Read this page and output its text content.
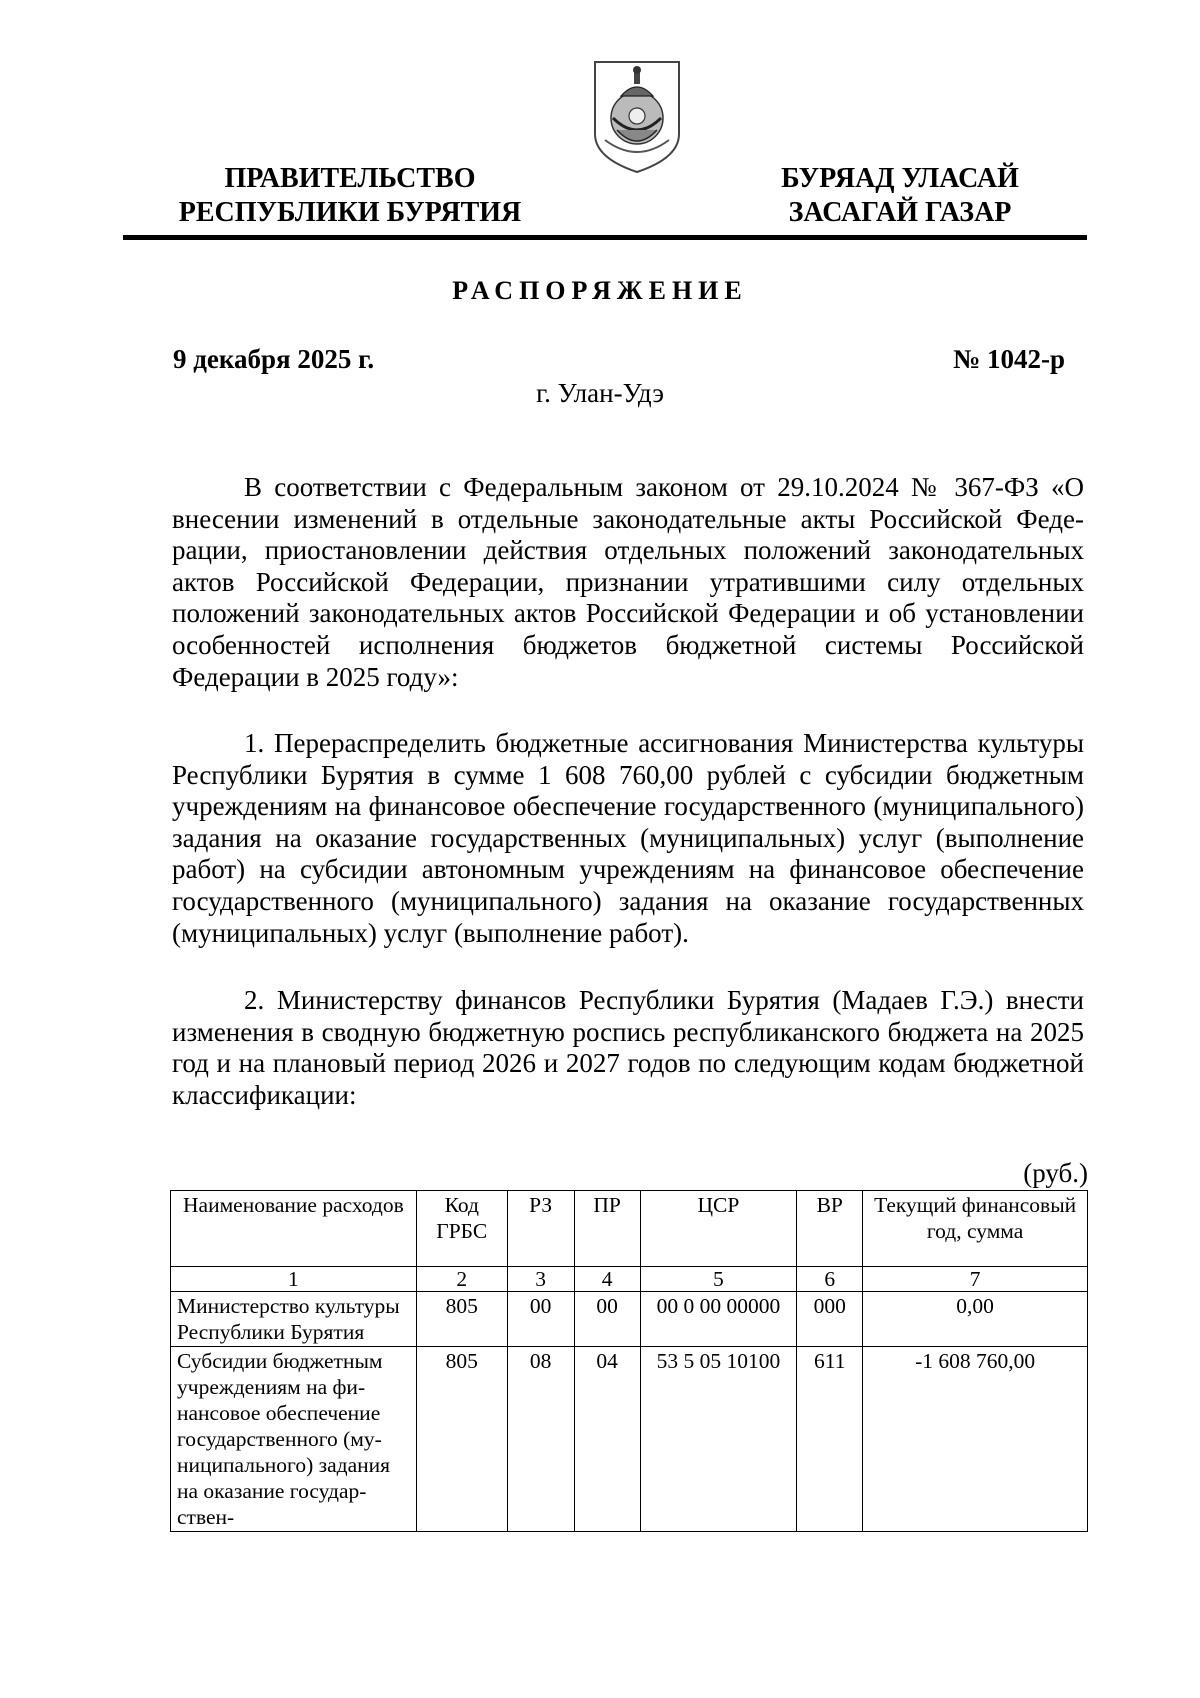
ПРАВИТЕЛЬСТВО
РЕСПУБЛИКИ БУРЯТИЯ
БУРЯАД УЛАСАЙ
ЗАСАГАЙ ГАЗАР
РАСПОРЯЖЕНИЕ
9 декабря 2025 г.	№ 1042-р
г. Улан-Удэ
В соответствии с Федеральным законом от 29.10.2024 № 367-ФЗ «О внесении изменений в отдельные законодательные акты Российской Федерации, приостановлении действия отдельных положений законодательных актов Российской Федерации, признании утратившими силу отдельных положений законодательных актов Российской Федерации и об установлении особенностей исполнения бюджетов бюджетной системы Российской Федерации в 2025 году»:
1. Перераспределить бюджетные ассигнования Министерства культуры Республики Бурятия в сумме 1 608 760,00 рублей с субсидии бюджетным учреждениям на финансовое обеспечение государственного (муниципального) задания на оказание государственных (муниципальных) услуг (выполнение работ) на субсидии автономным учреждениям на финансовое обеспечение государственного (муниципального) задания на оказание государственных (муниципальных) услуг (выполнение работ).
2. Министерству финансов Республики Бурятия (Мадаев Г.Э.) внести изменения в сводную бюджетную роспись республиканского бюджета на 2025 год и на плановый период 2026 и 2027 годов по следующим кодам бюджетной классификации:
(руб.)
Наименование расходов	Код ГРБС	РЗ	ПР	ЦСР	ВР	Текущий финансовый год, сумма
1	2	3	4	5	6	7
Министерство культуры Республики Бурятия	805	00	00	00 0 00 00000	000	0,00
Субсидии бюджетным учреждениям на финансовое обеспечение государственного (муниципального) задания на оказание государствен-	805	08	04	53 5 05 10100	611	-1 608 760,00
